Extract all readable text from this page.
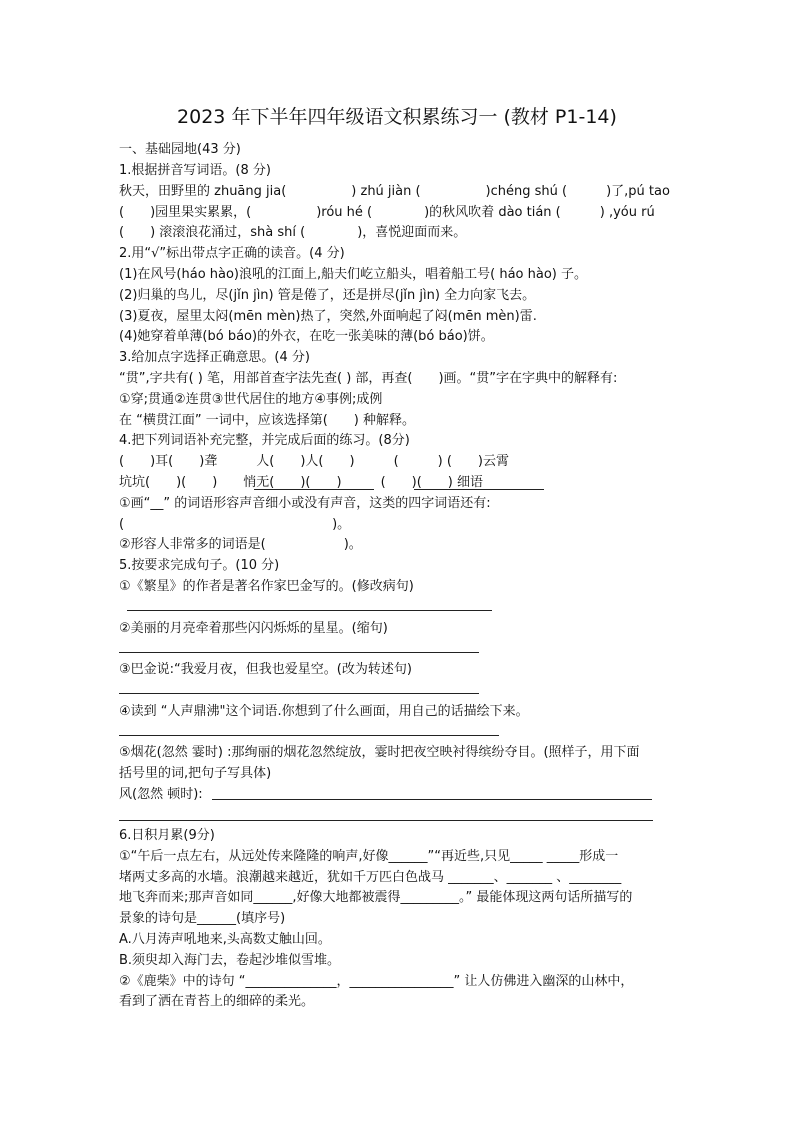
2023 年下半年四年级语文积累练习一 (教材 P1-14)
一、基础园地(43 分)
1.根据拼音写词语。(8 分)
秋天，田野里的 zhuāng jia(　　　　　) zhú jiàn (　　　　　)chéng shú (　　　)了,pú tao
(　　)园里果实累累，(　　　　　)róu hé (　　　　)的秋风吹着 dào tián (　　　) ,yóu rú
(　　) 滚滚浪花涌过，shà shí (　　　　)，喜悦迎面而来。
2.用“√”标出带点字正确的读音。(4 分)
(1)在风号(háo hào)浪吼的江面上,船夫们屹立船头，唱着船工号( háo hào) 子。
(2)归巢的鸟儿，尽(jǐn jìn) 管是倦了，还是拼尽(jǐn jìn) 全力向家飞去。
(3)夏夜，屋里太闷(mēn mèn)热了，突然,外面响起了闷(mēn mèn)雷.
(4)她穿着单薄(bó báo)的外衣，在吃一张美味的薄(bó báo)饼。
3.给加点字选择正确意思。(4 分)
“贯”,字共有( ) 笔，用部首查字法先查( ) 部，再查(　　)画。“贯”字在字典中的解释有:
①穿;贯通②连贯③世代居住的地方④事例;成例
在 “横贯江面” 一词中，应该选择第(　　) 种解释。
4.把下列词语补充完整，并完成后面的练习。(8分)
(　　)耳(　　)聋　　　人(　　)人(　　)　　　(　　　) (　　)云霄
坑坑(　　)(　　)　　悄无(　　)(　　)　　　(　　)(　　) 细语
①画“__” 的词语形容声音细小或没有声音，这类的四字词语还有:
(　　　　　　　　　　　　　　　　)。
②形容人非常多的词语是(　　　　　　)。
5.按要求完成句子。(10 分)
①《繁星》的作者是著名作家巴金写的。(修改病句)
②美丽的月亮牵着那些闪闪烁烁的星星。(缩句)
③巴金说:“我爱月夜，但我也爱星空。(改为转述句)
④读到 “人声鼎沸"这个词语.你想到了什么画面，用自己的话描绘下来。
⑤烟花(忽然 霎时) :那绚丽的烟花忽然绽放，霎时把夜空映衬得缤纷夺目。(照样子，用下面
括号里的词,把句子写具体)
风(忽然 顿时):
6.日积月累(9分)
①“午后一点左右，从远处传来隆隆的响声,好像______”“再近些,只见_____ _____形成一
堵两丈多高的水墙。浪潮越来越近，犹如千万匹白色战马 _______、_______ 、________
地飞奔而来;那声音如同______,好像大地都被震得_________。” 最能体现这两句话所描写的
景象的诗句是______(填序号)
A.八月涛声吼地来,头高数丈触山回。
B.须臾却入海门去，卷起沙堆似雪堆。
②《鹿柴》中的诗句 “______________，________________” 让人仿佛进入幽深的山林中，
看到了洒在青苔上的细碎的柔光。
